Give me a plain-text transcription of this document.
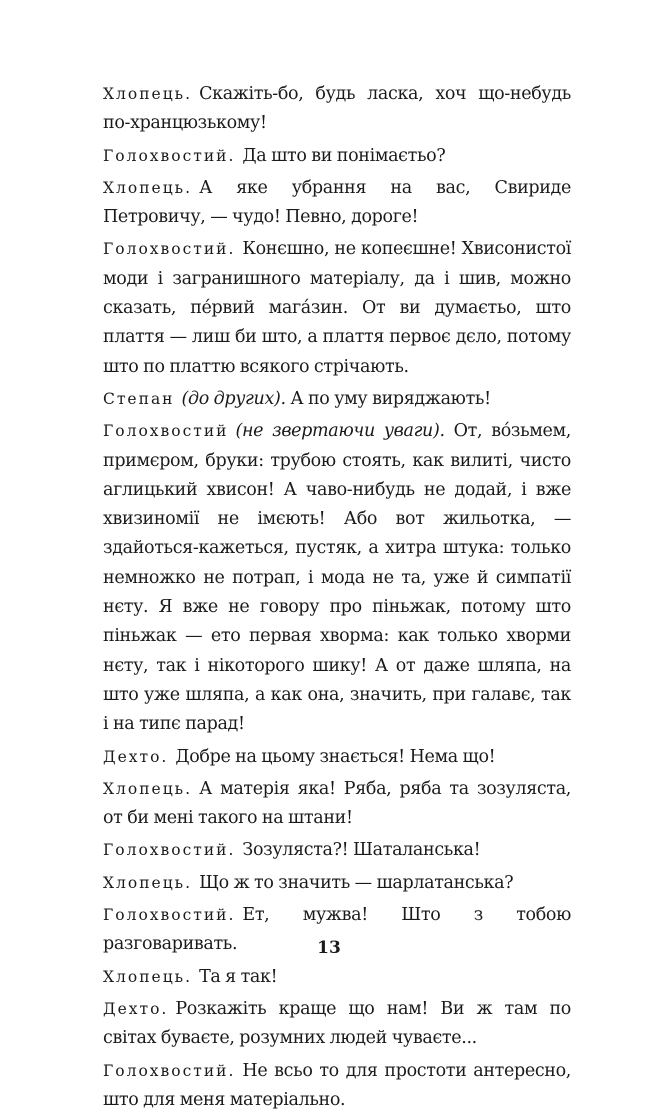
Хлопець. Скажіть-бо, будь ласка, хоч що-небудь по-хранцюзькому!

Голохвостий. Да што ви понімаєтьо?

Хлопець. А яке убрання на вас, Свириде Петровичу, — чудо! Певно, дороге!

Голохвостий. Конєшно, не копеєшне! Хвисонистої моди і загранишного матеріалу, да і шив, можно сказать, пéрвий магáзин. От ви думаєтьо, што плаття — лиш би што, а плаття первоє дєло, потому што по платтю всякого стрічають.

Степан (до других). А по уму виряджають!

Голохвостий (не звертаючи уваги). От, вóзьмем, примєром, бруки: трубою стоять, как вилиті, чисто аглицький хвисон! А чаво-нибудь не додай, і вже хвизиномії не імєють! Або вот жильотка, — здайоться-кажеться, пустяк, а хитра штука: только немножко не потрап, і мода не та, уже й симпатії нєту. Я вже не говору про піньжак, потому што піньжак — ето первая хворма: как только хворми нєту, так і нікотoрого шику! А от даже шляпа, на што уже шляпа, а как она, значить, при галавє, так і на типє парад!

Дехто. Добре на цьому знається! Нема що!

Хлопець. А матерія яка! Ряба, ряба та зозуляста, от би мені такого на штани!

Голохвостий. Зозуляста?! Шаталанська!

Хлопець. Що ж то значить — шарлатанська?

Голохвостий. Ет, мужва! Што з тобою разговаривать.

Хлопець. Та я так!

Дехто. Розкажіть краще що нам! Ви ж там по світах буваєте, розумних людей чуваєте...

Голохвостий. Не всьо то для простоти антересно, што для меня матеріально.

13
